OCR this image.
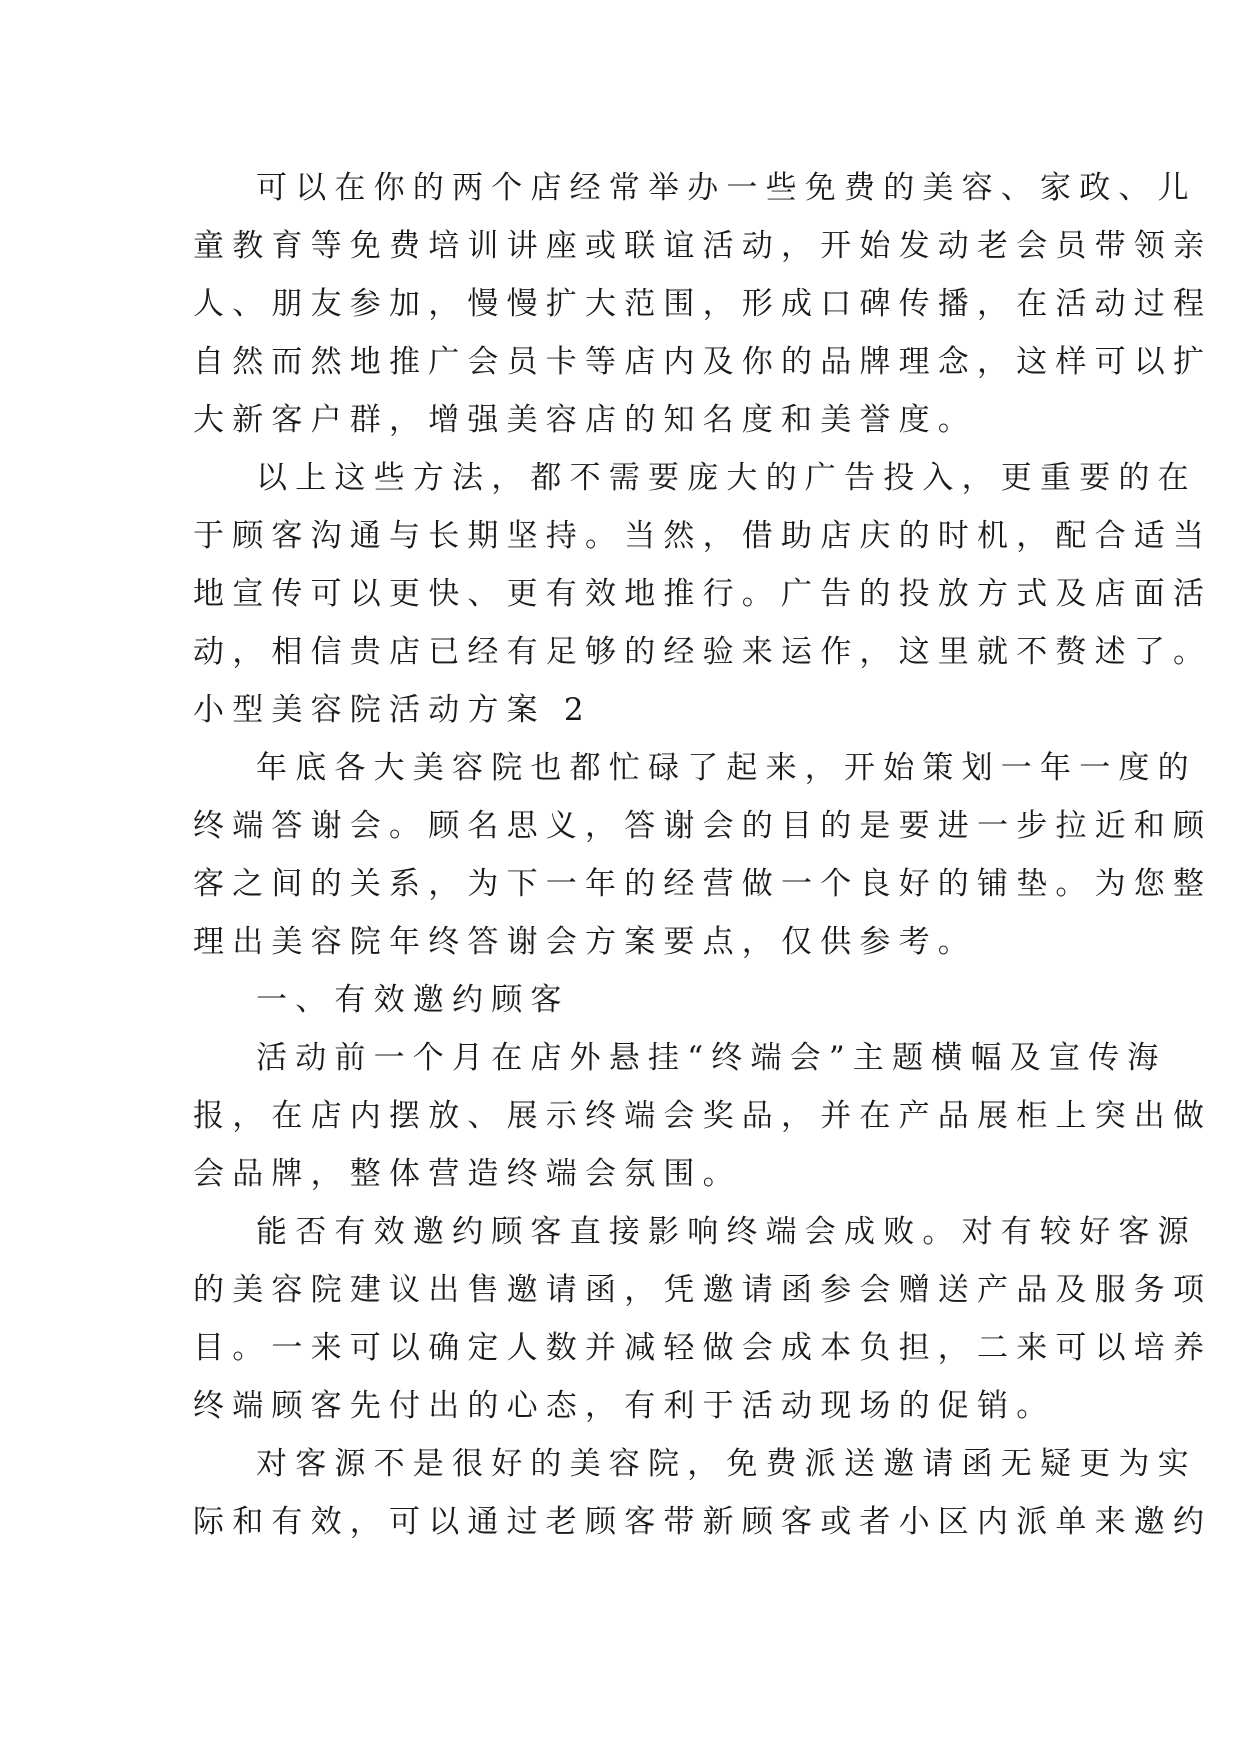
可以在你的两个店经常举办一些免费的美容、家政、儿
童教育等免费培训讲座或联谊活动，开始发动老会员带领亲
人、朋友参加，慢慢扩大范围，形成口碑传播，在活动过程
自然而然地推广会员卡等店内及你的品牌理念，这样可以扩
大新客户群，增强美容店的知名度和美誉度。
以上这些方法，都不需要庞大的广告投入，更重要的在
于顾客沟通与长期坚持。当然，借助店庆的时机，配合适当
地宣传可以更快、更有效地推行。广告的投放方式及店面活
动，相信贵店已经有足够的经验来运作，这里就不赘述了。
小型美容院活动方案 2
年底各大美容院也都忙碌了起来，开始策划一年一度的
终端答谢会。顾名思义，答谢会的目的是要进一步拉近和顾
客之间的关系，为下一年的经营做一个良好的铺垫。为您整
理出美容院年终答谢会方案要点，仅供参考。
一、有效邀约顾客
活动前一个月在店外悬挂“终端会”主题横幅及宣传海
报，在店内摆放、展示终端会奖品，并在产品展柜上突出做
会品牌，整体营造终端会氛围。
能否有效邀约顾客直接影响终端会成败。对有较好客源
的美容院建议出售邀请函，凭邀请函参会赠送产品及服务项
目。一来可以确定人数并减轻做会成本负担，二来可以培养
终端顾客先付出的心态，有利于活动现场的促销。
对客源不是很好的美容院，免费派送邀请函无疑更为实
际和有效，可以通过老顾客带新顾客或者小区内派单来邀约
